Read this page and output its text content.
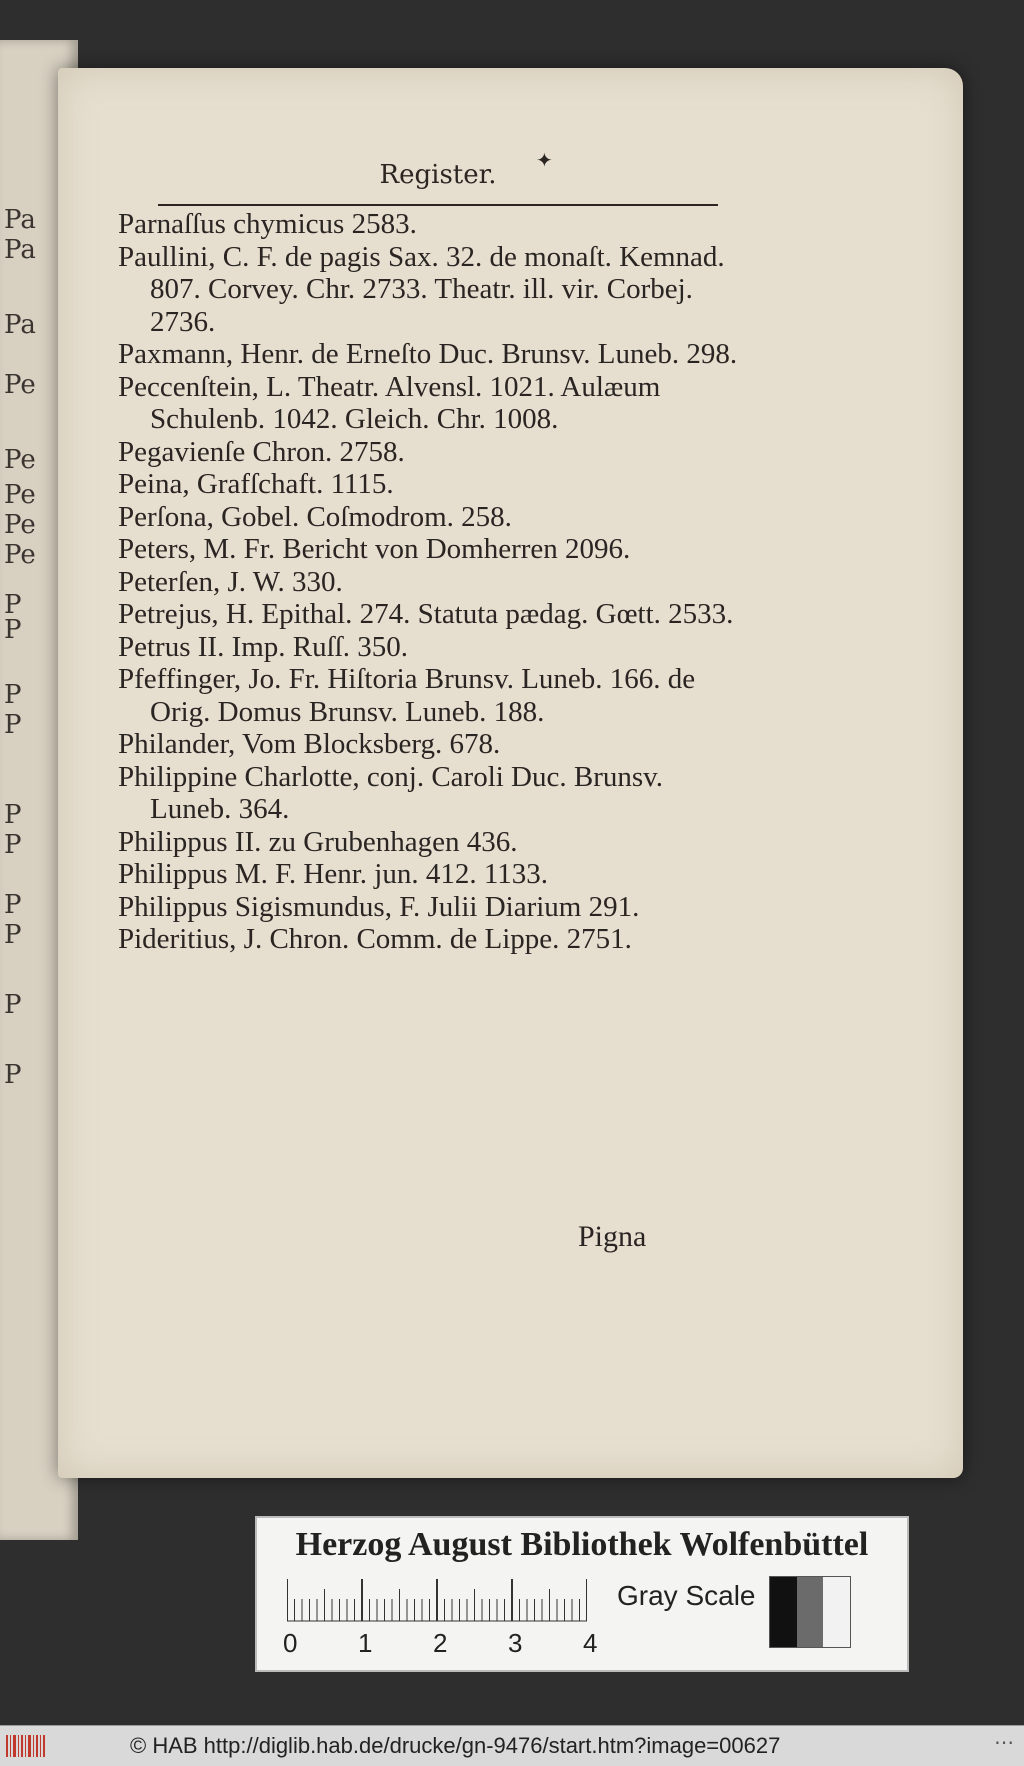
Pa
Pa
Pa
Pe
Pe
Pe
Pe
Pe
P
P
P
P
P
P
P
P
P
P
✦
Register.
Parnaſſus chymicus 2583.
Paullini, C. F. de pagis Sax. 32. de monaſt. Kemnad. 807. Corvey. Chr. 2733. Theatr. ill. vir. Corbej. 2736.
Paxmann, Henr. de Erneſto Duc. Brunsv. Luneb. 298.
Peccenſtein, L. Theatr. Alvensl. 1021. Aulæum Schulenb. 1042. Gleich. Chr. 1008.
Pegavienſe Chron. 2758.
Peina, Grafſchaft. 1115.
Perſona, Gobel. Coſmodrom. 258.
Peters, M. Fr. Bericht von Domherren 2096.
Peterſen, J. W. 330.
Petrejus, H. Epithal. 274. Statuta pædag. Gœtt. 2533.
Petrus II. Imp. Ruſſ. 350.
Pfeffinger, Jo. Fr. Hiſtoria Brunsv. Luneb. 166. de Orig. Domus Brunsv. Luneb. 188.
Philander, Vom Blocksberg. 678.
Philippine Charlotte, conj. Caroli Duc. Brunsv. Luneb. 364.
Philippus II. zu Grubenhagen 436.
Philippus M. F. Henr. jun. 412. 1133.
Philippus Sigismundus, F. Julii Diarium 291.
Pideritius, J. Chron. Comm. de Lippe. 2751.
Pigna
Herzog August Bibliothek Wolfenbüttel
0 1 2 3 4
Gray Scale
© HAB http://diglib.hab.de/drucke/gn-9476/start.htm?image=00627	⋯
